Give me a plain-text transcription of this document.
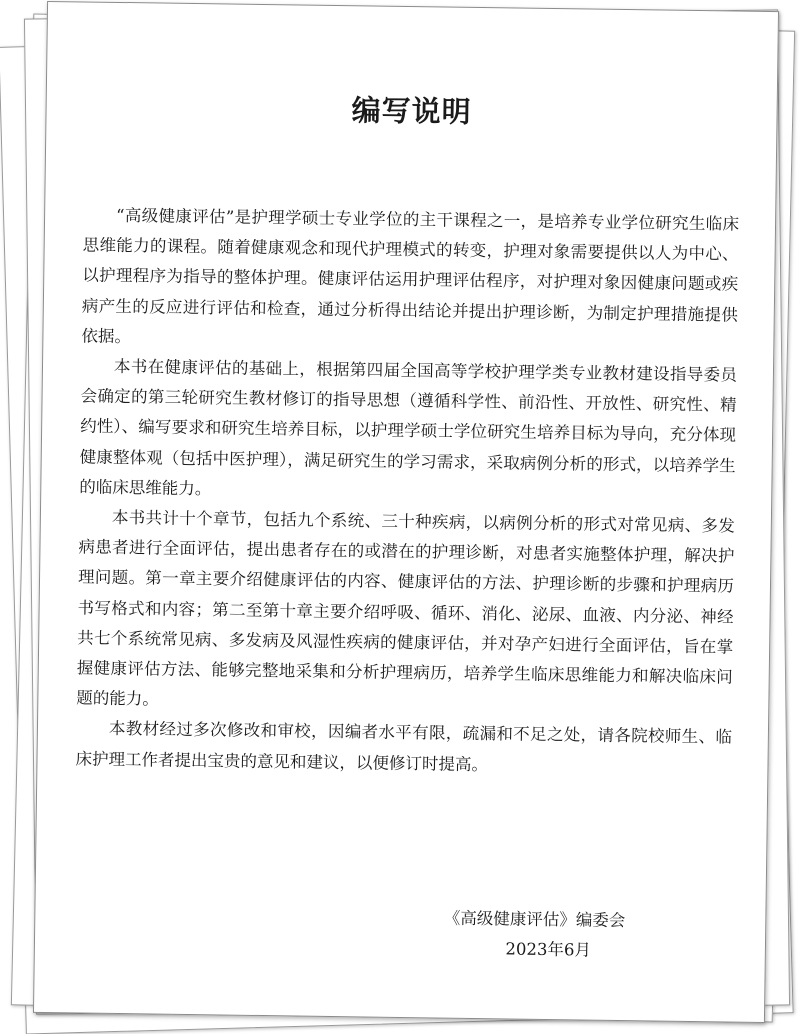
编写说明

“高级健康评估”是护理学硕士专业学位的主干课程之一，是培养专业学位研究生临床思维能力的课程。随着健康观念和现代护理模式的转变，护理对象需要提供以人为中心、以护理程序为指导的整体护理。健康评估运用护理评估程序，对护理对象因健康问题或疾病产生的反应进行评估和检查，通过分析得出结论并提出护理诊断，为制定护理措施提供依据。

本书在健康评估的基础上，根据第四届全国高等学校护理学类专业教材建设指导委员会确定的第三轮研究生教材修订的指导思想（遵循科学性、前沿性、开放性、研究性、精约性）、编写要求和研究生培养目标，以护理学硕士学位研究生培养目标为导向，充分体现健康整体观（包括中医护理），满足研究生的学习需求，采取病例分析的形式，以培养学生的临床思维能力。

本书共计十个章节，包括九个系统、三十种疾病，以病例分析的形式对常见病、多发病患者进行全面评估，提出患者存在的或潜在的护理诊断，对患者实施整体护理，解决护理问题。第一章主要介绍健康评估的内容、健康评估的方法、护理诊断的步骤和护理病历书写格式和内容；第二至第十章主要介绍呼吸、循环、消化、泌尿、血液、内分泌、神经共七个系统常见病、多发病及风湿性疾病的健康评估，并对孕产妇进行全面评估，旨在掌握健康评估方法、能够完整地采集和分析护理病历，培养学生临床思维能力和解决临床问题的能力。

本教材经过多次修改和审校，因编者水平有限，疏漏和不足之处，请各院校师生、临床护理工作者提出宝贵的意见和建议，以便修订时提高。

《高级健康评估》编委会
2023年6月
